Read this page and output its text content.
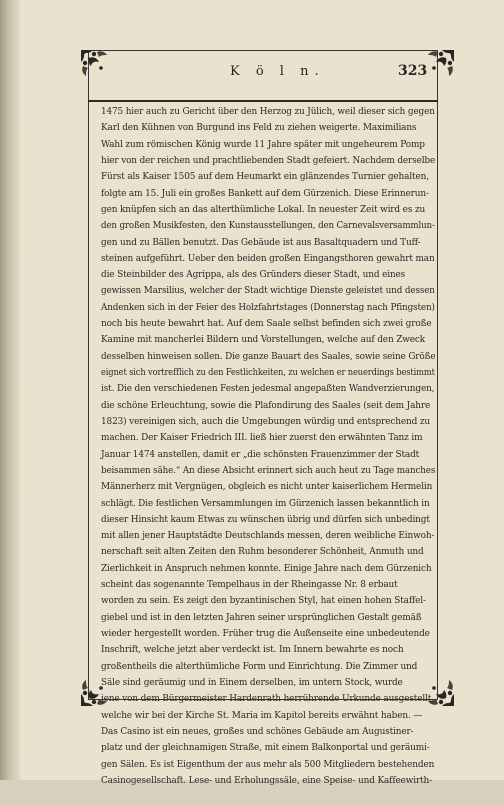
K ö l n.	323
1475 hier auch zu Gericht über den Herzog zu Jülich, weil dieser sich gegen
Karl den Kühnen von Burgund ins Feld zu ziehen weigerte. Maximilians
Wahl zum römischen König wurde 11 Jahre später mit ungeheurem Pomp
hier von der reichen und prachtliebenden Stadt gefeiert. Nachdem derselbe
Fürst als Kaiser 1505 auf dem Heumarkt ein glänzendes Turnier gehalten,
folgte am 15. Juli ein großes Bankett auf dem Gürzenich. Diese Erinnerun-
gen knüpfen sich an das alterthümliche Lokal. In neuester Zeit wird es zu
den großen Musikfesten, den Kunstausstellungen, den Carnevalsversammlun-
gen und zu Bällen benutzt. Das Gebäude ist aus Basaltquadern und Tuff-
steinen aufgeführt. Ueber den beiden großen Eingangsthoren gewahrt man
die Steinbilder des Agrippa, als des Gründers dieser Stadt, und eines
gewissen Marsilius, welcher der Stadt wichtige Dienste geleistet und dessen
Andenken sich in der Feier des Holzfahrtstages (Donnerstag nach Pfingsten)
noch bis heute bewahrt hat. Auf dem Saale selbst befinden sich zwei große
Kamine mit mancherlei Bildern und Vorstellungen, welche auf den Zweck
desselben hinweisen sollen. Die ganze Bauart des Saales, sowie seine Größe
eignet sich vortrefflich zu den Festlichkeiten, zu welchen er neuerdings bestimmt
ist. Die den verschiedenen Festen jedesmal angepaßten Wandverzierungen,
die schöne Erleuchtung, sowie die Plafondirung des Saales (seit dem Jahre
1823) vereinigen sich, auch die Umgebungen würdig und entsprechend zu
machen. Der Kaiser Friedrich III. ließ hier zuerst den erwähnten Tanz im
Januar 1474 anstellen, damit er „die schönsten Frauenzimmer der Stadt
beisammen sähe.“ An diese Absicht erinnert sich auch heut zu Tage manches
Männerherz mit Vergnügen, obgleich es nicht unter kaiserlichem Hermelin
schlägt. Die festlichen Versammlungen im Gürzenich lassen bekanntlich in
dieser Hinsicht kaum Etwas zu wünschen übrig und dürfen sich unbedingt
mit allen jener Hauptstädte Deutschlands messen, deren weibliche Einwoh-
nerschaft seit alten Zeiten den Ruhm besonderer Schönheit, Anmuth und
Zierlichkeit in Anspruch nehmen konnte. Einige Jahre nach dem Gürzenich
scheint das sogenannte Tempelhaus in der Rheingasse Nr. 8 erbaut
worden zu sein. Es zeigt den byzantinischen Styl, hat einen hohen Staffel-
giebel und ist in den letzten Jahren seiner ursprünglichen Gestalt gemäß
wieder hergestellt worden. Früher trug die Außenseite eine unbedeutende
Inschrift, welche jetzt aber verdeckt ist. Im Innern bewahrte es noch
großentheils die alterthümliche Form und Einrichtung. Die Zimmer und
Säle sind geräumig und in Einem derselben, im untern Stock, wurde
jene von dem Bürgermeister Hardenrath herrührende Urkunde ausgestellt,
welche wir bei der Kirche St. Maria im Kapitol bereits erwähnt haben. —
Das Casino ist ein neues, großes und schönes Gebäude am Augustiner-
platz und der gleichnamigen Straße, mit einem Balkonportal und geräumi-
gen Sälen. Es ist Eigenthum der aus mehr als 500 Mitgliedern bestehenden
Casinogesellschaft. Lese- und Erholungssäle, eine Speise- und Kaffeewirth-
